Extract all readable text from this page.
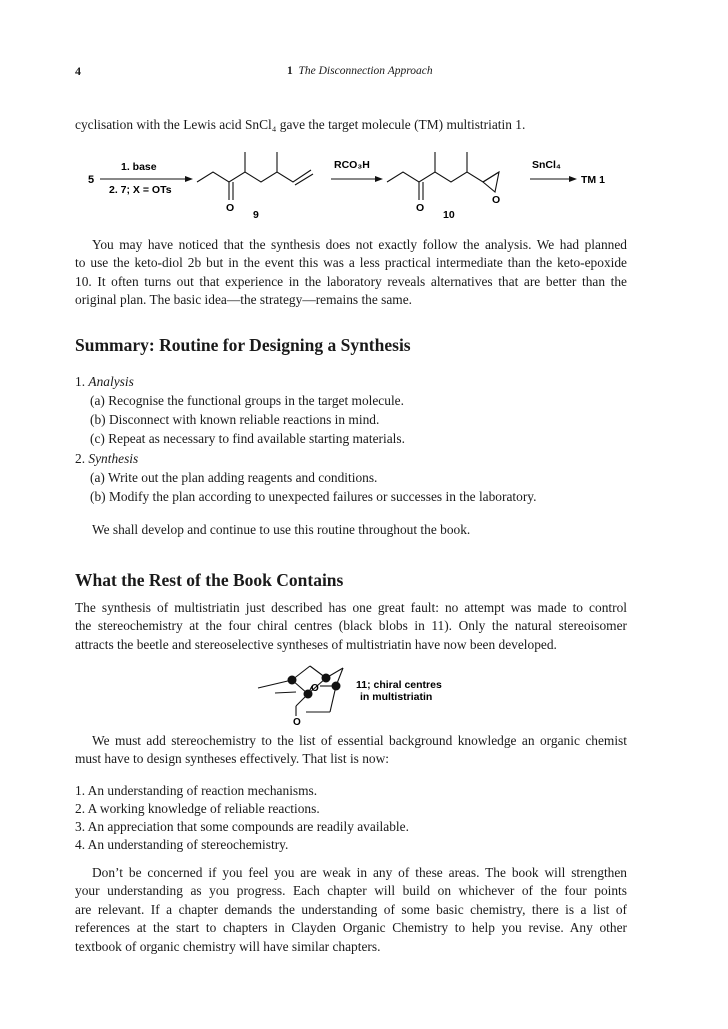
4	1 The Disconnection Approach
cyclisation with the Lewis acid SnCl₄ gave the target molecule (TM) multistriatin 1.
5
1. base
2. 7; X = OTs
O
9
RCO₃H
O
O
10
SnCl₄
TM 1
You may have noticed that the synthesis does not exactly follow the analysis. We had planned
to use the keto-diol 2b but in the event this was a less practical intermediate than the keto-epoxide
10. It often turns out that experience in the laboratory reveals alternatives that are better than the
original plan. The basic idea—the strategy—remains the same.
Summary: Routine for Designing a Synthesis
1. Analysis
(a) Recognise the functional groups in the target molecule.
(b) Disconnect with known reliable reactions in mind.
(c) Repeat as necessary to find available starting materials.
2. Synthesis
(a) Write out the plan adding reagents and conditions.
(b) Modify the plan according to unexpected failures or successes in the laboratory.
We shall develop and continue to use this routine throughout the book.
What the Rest of the Book Contains
The synthesis of multistriatin just described has one great fault: no attempt was made to control
the stereochemistry at the four chiral centres (black blobs in 11). Only the natural stereoisomer
attracts the beetle and stereoselective syntheses of multistriatin have now been developed.
O
O
11; chiral centres
in multistriatin
We must add stereochemistry to the list of essential background knowledge an organic chemist
must have to design syntheses effectively. That list is now:
1. An understanding of reaction mechanisms.
2. A working knowledge of reliable reactions.
3. An appreciation that some compounds are readily available.
4. An understanding of stereochemistry.
Don’t be concerned if you feel you are weak in any of these areas. The book will strengthen
your understanding as you progress. Each chapter will build on whichever of the four points
are relevant. If a chapter demands the understanding of some basic chemistry, there is a list of
references at the start to chapters in Clayden Organic Chemistry to help you revise. Any other
textbook of organic chemistry will have similar chapters.
